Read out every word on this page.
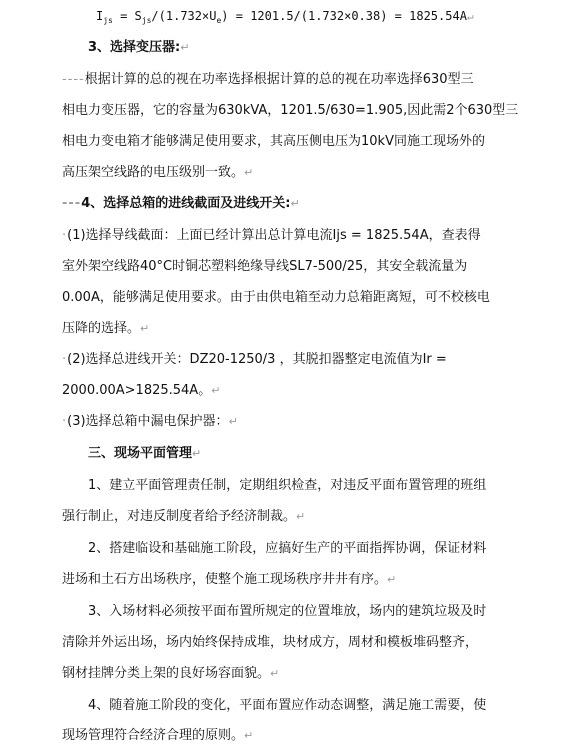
$I_{js} = S_{js}/(1.732\times U_e) = 1201.5/(1.732\times 0.38)$ = 1825.54A↵
3、选择变压器:↵
----根据计算的总的视在功率选择根据计算的总的视在功率选择630型三
相电力变压器，它的容量为630kVA，1201.5/630=1.905,因此需2个630型三
相电力变电箱才能够满足使用要求，其高压侧电压为10kV同施工现场外的
高压架空线路的电压级别一致。↵
---4、选择总箱的进线截面及进线开关:↵
·(1)选择导线截面：上面已经计算出总计算电流Ijs = 1825.54A，查表得
室外架空线路40°C时铜芯塑料绝缘导线SL7-500/25，其安全载流量为
0.00A，能够满足使用要求。由于由供电箱至动力总箱距离短，可不校核电
压降的选择。↵
·(2)选择总进线开关：DZ20-1250/3 ，其脱扣器整定电流值为Ir =
2000.00A>1825.54A。↵
·(3)选择总箱中漏电保护器：↵
三、现场平面管理↵
1、建立平面管理责任制，定期组织检查，对违反平面布置管理的班组
强行制止，对违反制度者给予经济制裁。↵
2、搭建临设和基础施工阶段，应搞好生产的平面指挥协调，保证材料
进场和土石方出场秩序，使整个施工现场秩序井井有序。↵
3、入场材料必须按平面布置所规定的位置堆放，场内的建筑垃圾及时
清除并外运出场，场内始终保持成堆，块材成方，周材和模板堆码整齐，
钢材挂牌分类上架的良好场容面貌。↵
4、随着施工阶段的变化，平面布置应作动态调整，满足施工需要，使
现场管理符合经济合理的原则。↵
